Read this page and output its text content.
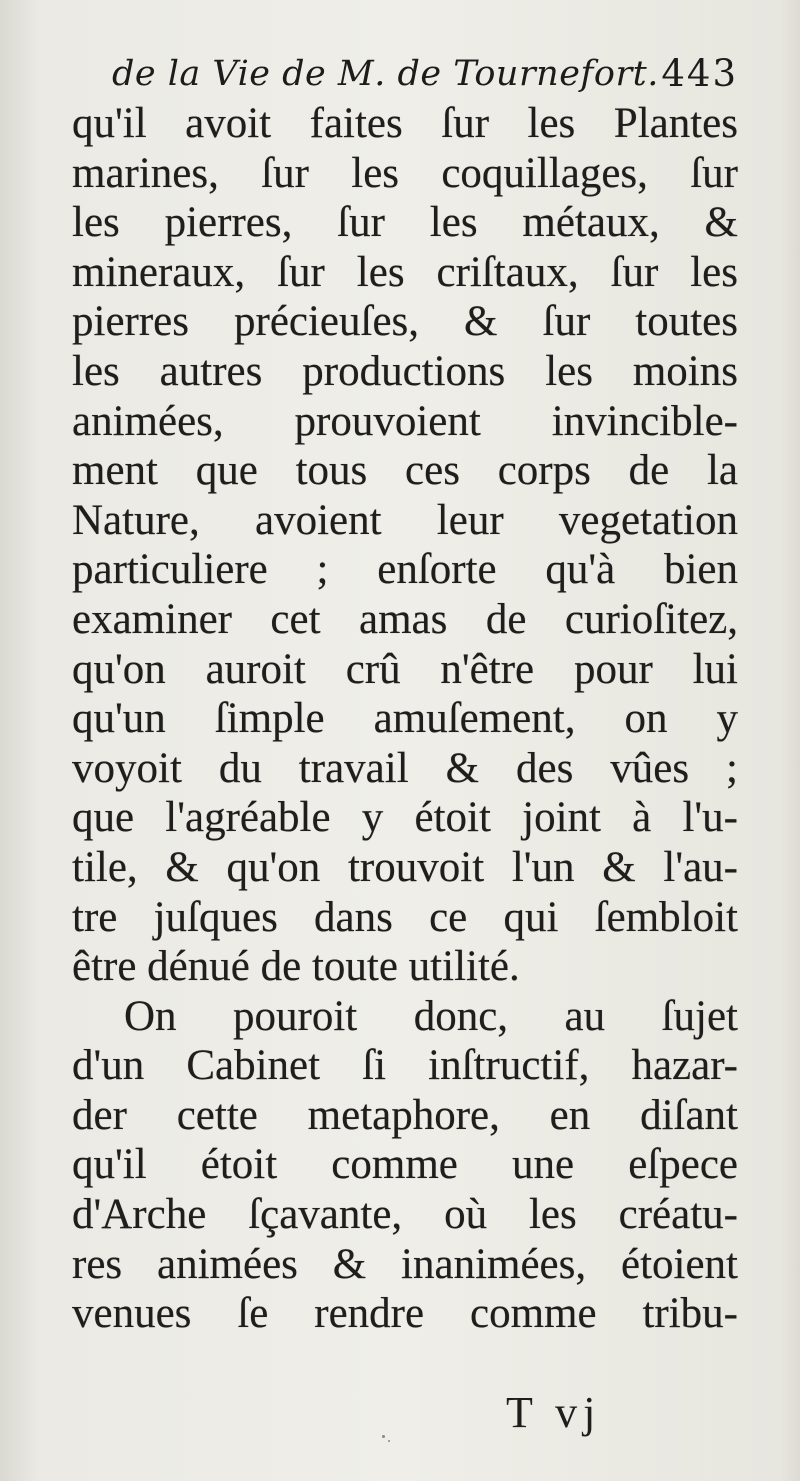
de la Vie de M. de Tournefort. 443
qu'il avoit faites ſur les Plantes
marines, ſur les coquillages, ſur
les pierres, ſur les métaux, &
mineraux, ſur les criſtaux, ſur les
pierres précieuſes, & ſur toutes
les autres productions les moins
animées, prouvoient invincible-
ment que tous ces corps de la
Nature, avoient leur vegetation
particuliere ; enſorte qu'à bien
examiner cet amas de curioſitez,
qu'on auroit crû n'être pour lui
qu'un ſimple amuſement, on y
voyoit du travail & des vûes ;
que l'agréable y étoit joint à l'u-
tile, & qu'on trouvoit l'un & l'au-
tre juſques dans ce qui ſembloit
être dénué de toute utilité.
On pouroit donc, au ſujet
d'un Cabinet ſi inſtructif, hazar-
der cette metaphore, en diſant
qu'il étoit comme une eſpece
d'Arche ſçavante, où les créatu-
res animées & inanimées, étoient
venues ſe rendre comme tribu-
T vj
